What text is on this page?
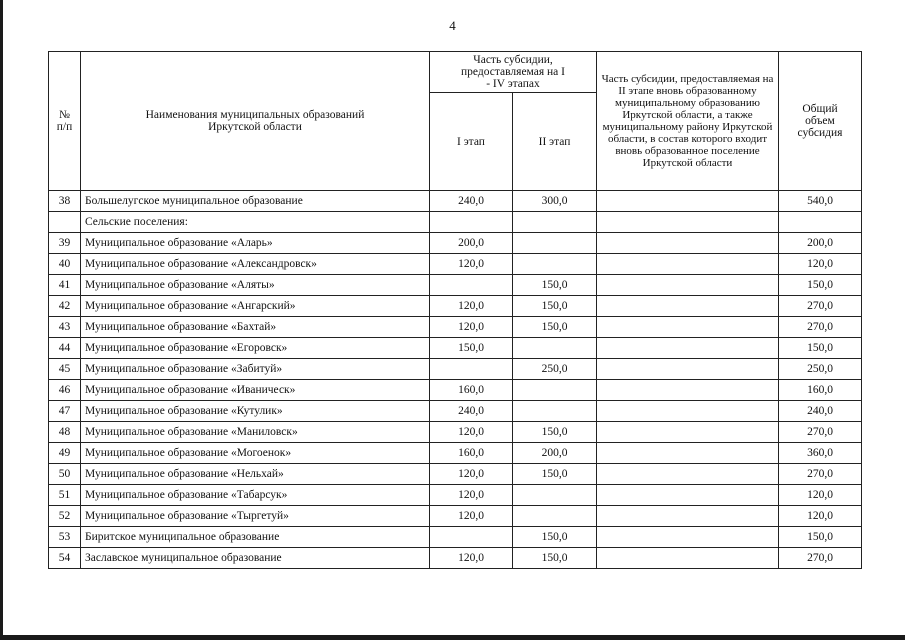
4
№ п/п	Наименования муниципальных образований Иркутской области	Часть субсидии, предоставляемая на I - IV этапах		Часть субсидии, предоставляемая на II этапе вновь образованному муниципальному образованию Иркутской области, а также муниципальному району Иркутской области, в состав которого входит вновь образованное поселение Иркутской области	Общий объем субсидия
		I этап	II этап		
38	Большелугское муниципальное образование	240,0	300,0		540,0
	Сельские поселения:				
39	Муниципальное образование «Аларь»	200,0			200,0
40	Муниципальное образование «Александровск»	120,0			120,0
41	Муниципальное образование «Аляты»		150,0		150,0
42	Муниципальное образование «Ангарский»	120,0	150,0		270,0
43	Муниципальное образование «Бахтай»	120,0	150,0		270,0
44	Муниципальное образование «Егоровск»	150,0			150,0
45	Муниципальное образование «Забитуй»		250,0		250,0
46	Муниципальное образование «Иваническ»	160,0			160,0
47	Муниципальное образование «Кутулик»	240,0			240,0
48	Муниципальное образование «Маниловск»	120,0	150,0		270,0
49	Муниципальное образование «Могоенок»	160,0	200,0		360,0
50	Муниципальное образование «Нельхай»	120,0	150,0		270,0
51	Муниципальное образование «Табарсук»	120,0			120,0
52	Муниципальное образование «Тыргетуй»	120,0			120,0
53	Биритское муниципальное образование		150,0		150,0
54	Заславское муниципальное образование	120,0	150,0		270,0
